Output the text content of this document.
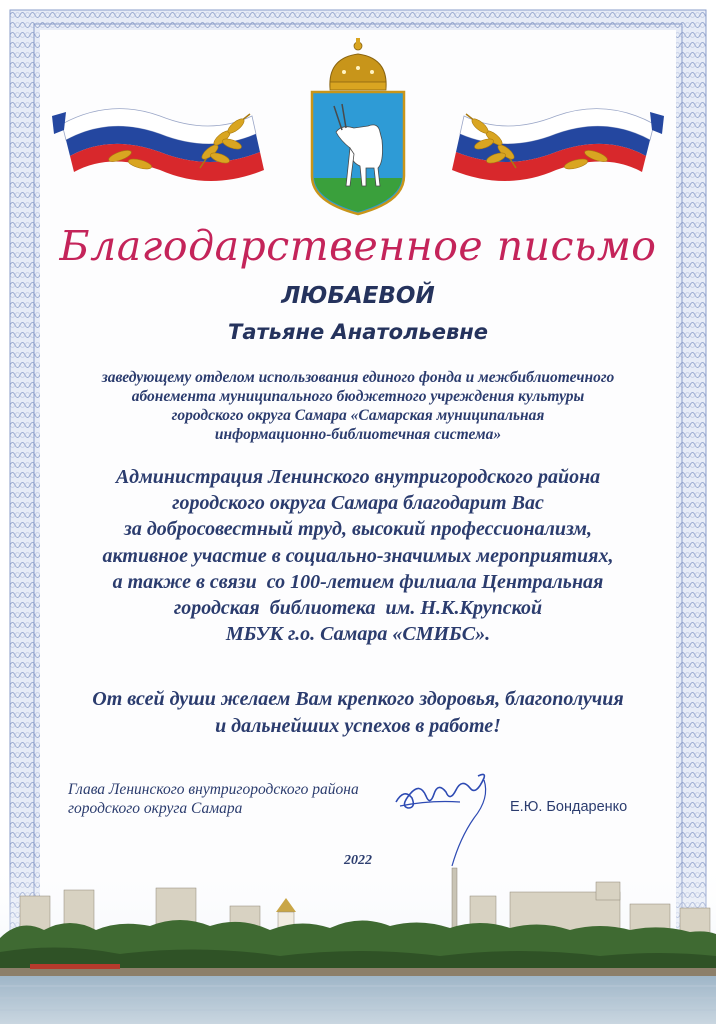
Благодарственное письмо
ЛЮБАЕВОЙ
Татьяне Анатольевне
заведующему отделом использования единого фонда и межбиблиотечного
абонемента муниципального бюджетного учреждения культуры
городского округа Самара «Самарская муниципальная
информационно-библиотечная система»
Администрация Ленинского внутригородского района
городского округа Самара благодарит Вас
за добросовестный труд, высокий профессионализм,
активное участие в социально-значимых мероприятиях,
а также в связи  со 100-летием филиала Центральная
городская  библиотека  им. Н.К.Крупской
МБУК г.о. Самара «СМИБС».
От всей души желаем Вам крепкого здоровья, благополучия
и дальнейших успехов в работе!
Глава Ленинского внутригородского района
городского округа Самара	Е.Ю. Бондаренко
